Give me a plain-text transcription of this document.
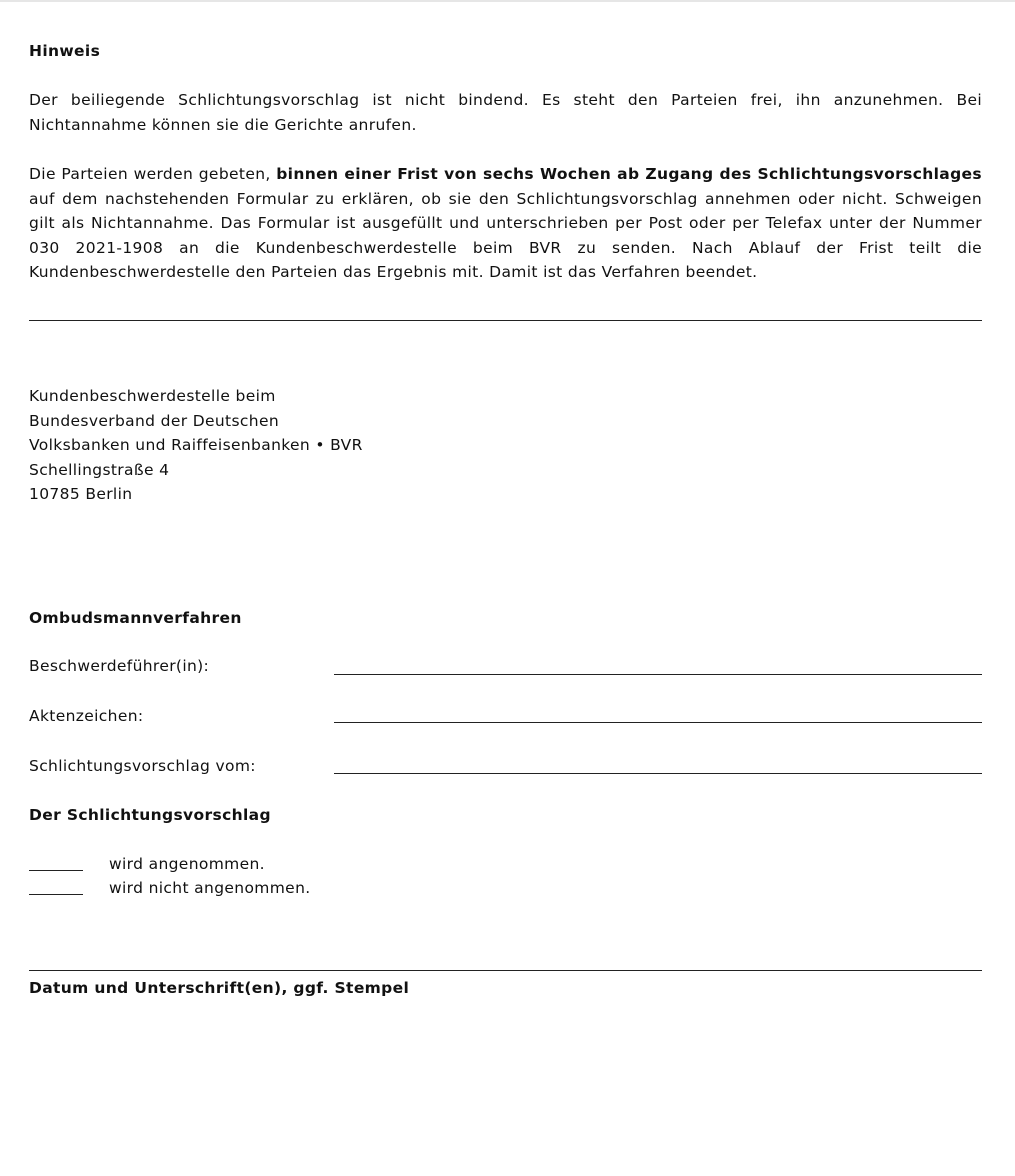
Hinweis
Der beiliegende Schlichtungsvorschlag ist nicht bindend. Es steht den Parteien frei, ihn anzunehmen. Bei Nichtannahme können sie die Gerichte anrufen.
Die Parteien werden gebeten, binnen einer Frist von sechs Wochen ab Zugang des Schlichtungsvorschlages auf dem nachstehenden Formular zu erklären, ob sie den Schlichtungsvorschlag annehmen oder nicht. Schweigen gilt als Nichtannahme. Das Formular ist ausgefüllt und unterschrieben per Post oder per Telefax unter der Nummer 030 2021-1908 an die Kundenbeschwerdestelle beim BVR zu senden. Nach Ablauf der Frist teilt die Kundenbeschwerdestelle den Parteien das Ergebnis mit. Damit ist das Verfahren beendet.
Kundenbeschwerdestelle beim
Bundesverband der Deutschen
Volksbanken und Raiffeisenbanken • BVR
Schellingstraße 4
10785 Berlin
Ombudsmannverfahren
Beschwerdeführer(in):
Aktenzeichen:
Schlichtungsvorschlag vom:
Der Schlichtungsvorschlag
wird angenommen.
wird nicht angenommen.
Datum und Unterschrift(en), ggf. Stempel
